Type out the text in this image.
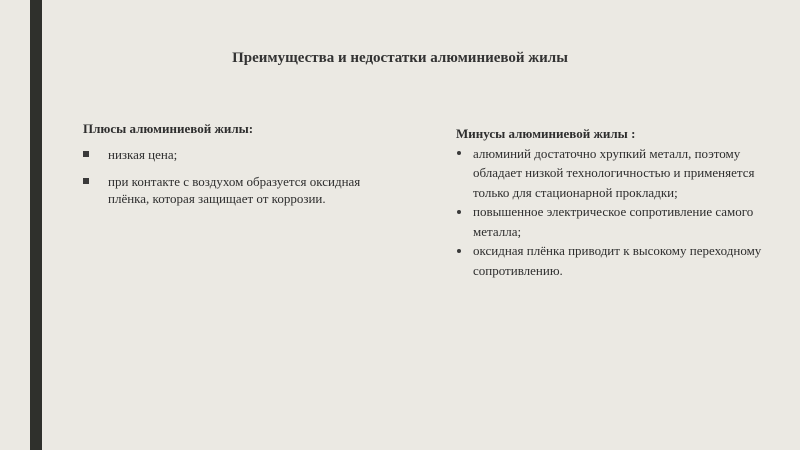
Преимущества и недостатки алюминиевой жилы
Плюсы алюминиевой жилы:
низкая цена;
при контакте с воздухом образуется оксидная плёнка, которая защищает от коррозии.
Минусы алюминиевой жилы :
алюминий достаточно хрупкий металл, поэтому обладает низкой технологичностью и применяется только для стационарной прокладки;
повышенное электрическое сопротивление самого металла;
оксидная плёнка приводит к высокому переходному сопротивлению.
